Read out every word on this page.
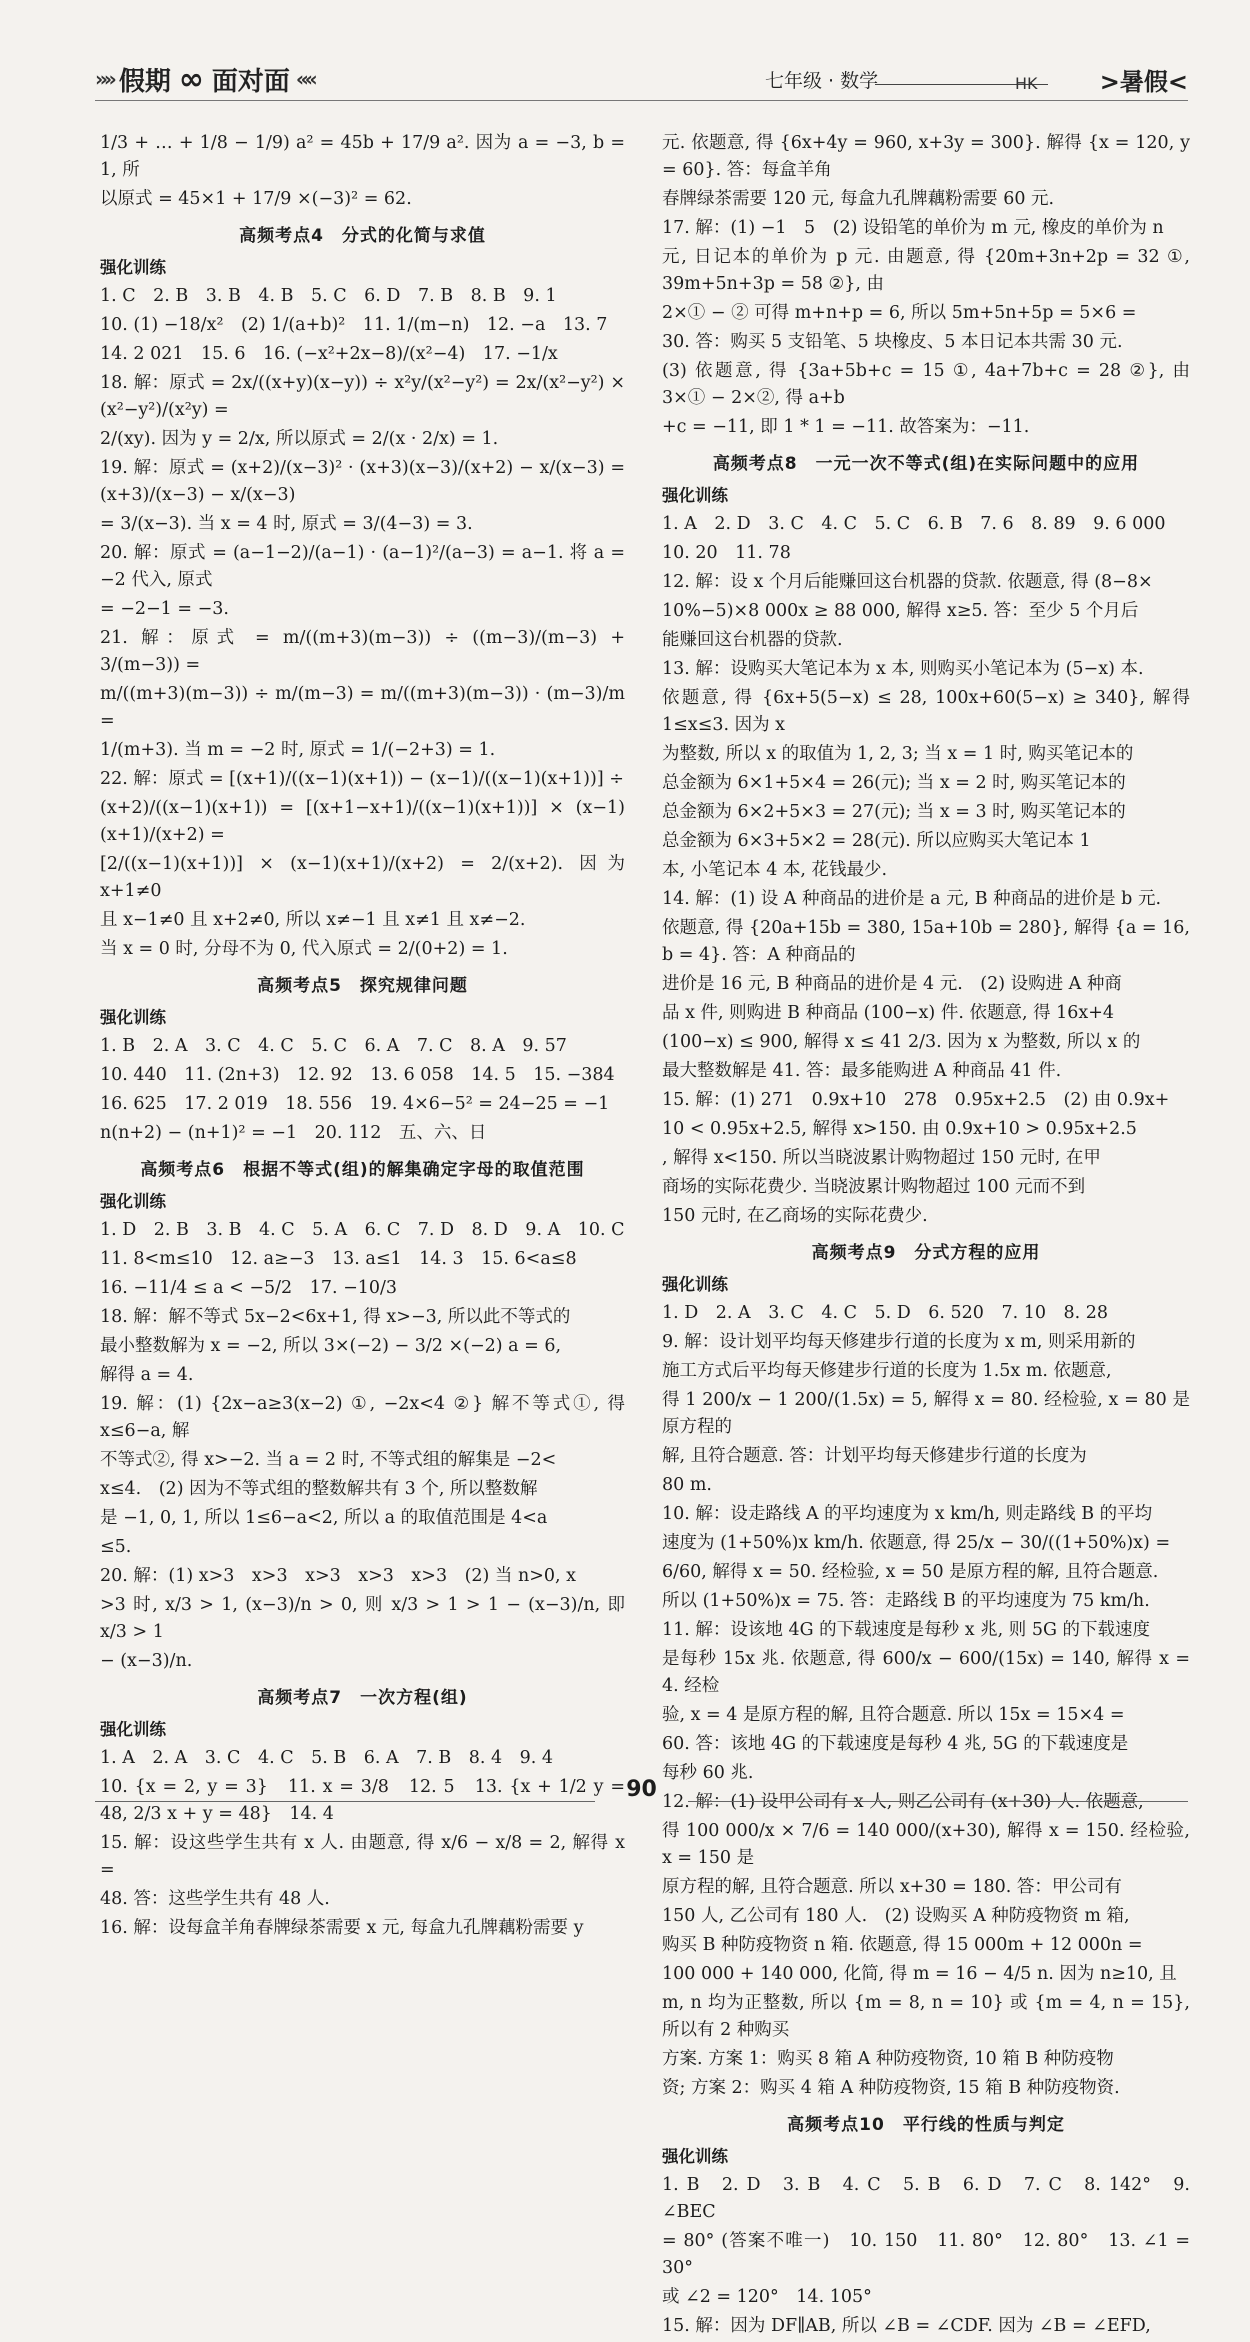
»» 假期 ∞ 面对面 ««	七年级 · 数学	HK	>暑假<

1/3 + … + 1/8 − 1/9) a² = 45b + 17/9 a². 因为 a = −3, b = 1, 所

以原式 = 45×1 + 17/9 ×(−3)² = 62.

高频考点4　分式的化简与求值
强化训练

1. C　2. B　3. B　4. B　5. C　6. D　7. B　8. B　9. 1

10. (1) −18/x²　(2) 1/(a+b)²　11. 1/(m−n)　12. −a　13. 7

14. 2 021　15. 6　16. (−x²+2x−8)/(x²−4)　17. −1/x

18. 解：原式 = 2x/((x+y)(x−y)) ÷ x²y/(x²−y²) = 2x/(x²−y²) × (x²−y²)/(x²y) =

2/(xy). 因为 y = 2/x, 所以原式 = 2/(x · 2/x) = 1.

19. 解：原式 = (x+2)/(x−3)² · (x+3)(x−3)/(x+2) − x/(x−3) = (x+3)/(x−3) − x/(x−3)

= 3/(x−3). 当 x = 4 时, 原式 = 3/(4−3) = 3.

20. 解：原式 = (a−1−2)/(a−1) · (a−1)²/(a−3) = a−1. 将 a = −2 代入, 原式

= −2−1 = −3.

21. 解：原式 = m/((m+3)(m−3)) ÷ ((m−3)/(m−3) + 3/(m−3)) =

m/((m+3)(m−3)) ÷ m/(m−3) = m/((m+3)(m−3)) · (m−3)/m =

1/(m+3). 当 m = −2 时, 原式 = 1/(−2+3) = 1.

22. 解：原式 = [(x+1)/((x−1)(x+1)) − (x−1)/((x−1)(x+1))] ÷

(x+2)/((x−1)(x+1)) = [(x+1−x+1)/((x−1)(x+1))] × (x−1)(x+1)/(x+2) =

[2/((x−1)(x+1))] × (x−1)(x+1)/(x+2) = 2/(x+2). 因为 x+1≠0

且 x−1≠0 且 x+2≠0, 所以 x≠−1 且 x≠1 且 x≠−2.

当 x = 0 时, 分母不为 0, 代入原式 = 2/(0+2) = 1.

高频考点5　探究规律问题
强化训练

1. B　2. A　3. C　4. C　5. C　6. A　7. C　8. A　9. 57

10. 440　11. (2n+3)　12. 92　13. 6 058　14. 5　15. −384

16. 625　17. 2 019　18. 556　19. 4×6−5² = 24−25 = −1

n(n+2) − (n+1)² = −1　20. 112　五、六、日

高频考点6　根据不等式(组)的解集确定字母的取值范围
强化训练

1. D　2. B　3. B　4. C　5. A　6. C　7. D　8. D　9. A　10. C

11. 8<m≤10　12. a≥−3　13. a≤1　14. 3　15. 6<a≤8

16. −11/4 ≤ a < −5/2　17. −10/3

18. 解：解不等式 5x−2<6x+1, 得 x>−3, 所以此不等式的

最小整数解为 x = −2, 所以 3×(−2) − 3/2 ×(−2) a = 6,

解得 a = 4.

19. 解：(1) {2x−a≥3(x−2) ①, −2x<4 ②} 解不等式①, 得 x≤6−a, 解

不等式②, 得 x>−2. 当 a = 2 时, 不等式组的解集是 −2<

x≤4.　(2) 因为不等式组的整数解共有 3 个, 所以整数解

是 −1, 0, 1, 所以 1≤6−a<2, 所以 a 的取值范围是 4<a

≤5.

20. 解：(1) x>3　x>3　x>3　x>3　x>3　(2) 当 n>0, x

>3 时, x/3 > 1, (x−3)/n > 0, 则 x/3 > 1 > 1 − (x−3)/n, 即 x/3 > 1

− (x−3)/n.

高频考点7　一次方程(组)
强化训练

1. A　2. A　3. C　4. C　5. B　6. A　7. B　8. 4　9. 4

10. {x = 2, y = 3}　11. x = 3/8　12. 5　13. {x + 1/2 y = 48, 2/3 x + y = 48}　14. 4

15. 解：设这些学生共有 x 人. 由题意, 得 x/6 − x/8 = 2, 解得 x =

48. 答：这些学生共有 48 人.

16. 解：设每盒羊角春牌绿茶需要 x 元, 每盒九孔牌藕粉需要 y

元. 依题意, 得 {6x+4y = 960, x+3y = 300}. 解得 {x = 120, y = 60}. 答：每盒羊角

春牌绿茶需要 120 元, 每盒九孔牌藕粉需要 60 元.

17. 解：(1) −1　5　(2) 设铅笔的单价为 m 元, 橡皮的单价为 n

元, 日记本的单价为 p 元. 由题意, 得 {20m+3n+2p = 32 ①, 39m+5n+3p = 58 ②}, 由

2×① − ② 可得 m+n+p = 6, 所以 5m+5n+5p = 5×6 =

30. 答：购买 5 支铅笔、5 块橡皮、5 本日记本共需 30 元.

(3) 依题意, 得 {3a+5b+c = 15 ①, 4a+7b+c = 28 ②}, 由 3×① − 2×②, 得 a+b

+c = −11, 即 1 * 1 = −11. 故答案为：−11.

高频考点8　一元一次不等式(组)在实际问题中的应用
强化训练

1. A　2. D　3. C　4. C　5. C　6. B　7. 6　8. 89　9. 6 000

10. 20　11. 78

12. 解：设 x 个月后能赚回这台机器的贷款. 依题意, 得 (8−8×

10%−5)×8 000x ≥ 88 000, 解得 x≥5. 答：至少 5 个月后

能赚回这台机器的贷款.

13. 解：设购买大笔记本为 x 本, 则购买小笔记本为 (5−x) 本.

依题意, 得 {6x+5(5−x) ≤ 28, 100x+60(5−x) ≥ 340}, 解得 1≤x≤3. 因为 x

为整数, 所以 x 的取值为 1, 2, 3; 当 x = 1 时, 购买笔记本的

总金额为 6×1+5×4 = 26(元); 当 x = 2 时, 购买笔记本的

总金额为 6×2+5×3 = 27(元); 当 x = 3 时, 购买笔记本的

总金额为 6×3+5×2 = 28(元). 所以应购买大笔记本 1

本, 小笔记本 4 本, 花钱最少.

14. 解：(1) 设 A 种商品的进价是 a 元, B 种商品的进价是 b 元.

依题意, 得 {20a+15b = 380, 15a+10b = 280}, 解得 {a = 16, b = 4}. 答：A 种商品的

进价是 16 元, B 种商品的进价是 4 元.　(2) 设购进 A 种商

品 x 件, 则购进 B 种商品 (100−x) 件. 依题意, 得 16x+4

(100−x) ≤ 900, 解得 x ≤ 41 2/3. 因为 x 为整数, 所以 x 的

最大整数解是 41. 答：最多能购进 A 种商品 41 件.

15. 解：(1) 271　0.9x+10　278　0.95x+2.5　(2) 由 0.9x+

10 < 0.95x+2.5, 解得 x>150. 由 0.9x+10 > 0.95x+2.5

, 解得 x<150. 所以当晓波累计购物超过 150 元时, 在甲

商场的实际花费少. 当晓波累计购物超过 100 元而不到

150 元时, 在乙商场的实际花费少.

高频考点9　分式方程的应用
强化训练

1. D　2. A　3. C　4. C　5. D　6. 520　7. 10　8. 28

9. 解：设计划平均每天修建步行道的长度为 x m, 则采用新的

施工方式后平均每天修建步行道的长度为 1.5x m. 依题意,

得 1 200/x − 1 200/(1.5x) = 5, 解得 x = 80. 经检验, x = 80 是原方程的

解, 且符合题意. 答：计划平均每天修建步行道的长度为

80 m.

10. 解：设走路线 A 的平均速度为 x km/h, 则走路线 B 的平均

速度为 (1+50%)x km/h. 依题意, 得 25/x − 30/((1+50%)x) =

6/60, 解得 x = 50. 经检验, x = 50 是原方程的解, 且符合题意.

所以 (1+50%)x = 75. 答：走路线 B 的平均速度为 75 km/h.

11. 解：设该地 4G 的下载速度是每秒 x 兆, 则 5G 的下载速度

是每秒 15x 兆. 依题意, 得 600/x − 600/(15x) = 140, 解得 x = 4. 经检

验, x = 4 是原方程的解, 且符合题意. 所以 15x = 15×4 =

60. 答：该地 4G 的下载速度是每秒 4 兆, 5G 的下载速度是

每秒 60 兆.

12. 解：(1) 设甲公司有 x 人, 则乙公司有 (x+30) 人. 依题意,

得 100 000/x × 7/6 = 140 000/(x+30), 解得 x = 150. 经检验, x = 150 是

原方程的解, 且符合题意. 所以 x+30 = 180. 答：甲公司有

150 人, 乙公司有 180 人.　(2) 设购买 A 种防疫物资 m 箱,

购买 B 种防疫物资 n 箱. 依题意, 得 15 000m + 12 000n =

100 000 + 140 000, 化简, 得 m = 16 − 4/5 n. 因为 n≥10, 且

m, n 均为正整数, 所以 {m = 8, n = 10} 或 {m = 4, n = 15}, 所以有 2 种购买

方案. 方案 1：购买 8 箱 A 种防疫物资, 10 箱 B 种防疫物

资; 方案 2：购买 4 箱 A 种防疫物资, 15 箱 B 种防疫物资.

高频考点10　平行线的性质与判定
强化训练

1. B　2. D　3. B　4. C　5. B　6. D　7. C　8. 142°　9. ∠BEC

= 80° (答案不唯一)　10. 150　11. 80°　12. 80°　13. ∠1 = 30°

或 ∠2 = 120°　14. 105°

15. 解：因为 DF∥AB, 所以 ∠B = ∠CDF. 因为 ∠B = ∠EFD,

90
